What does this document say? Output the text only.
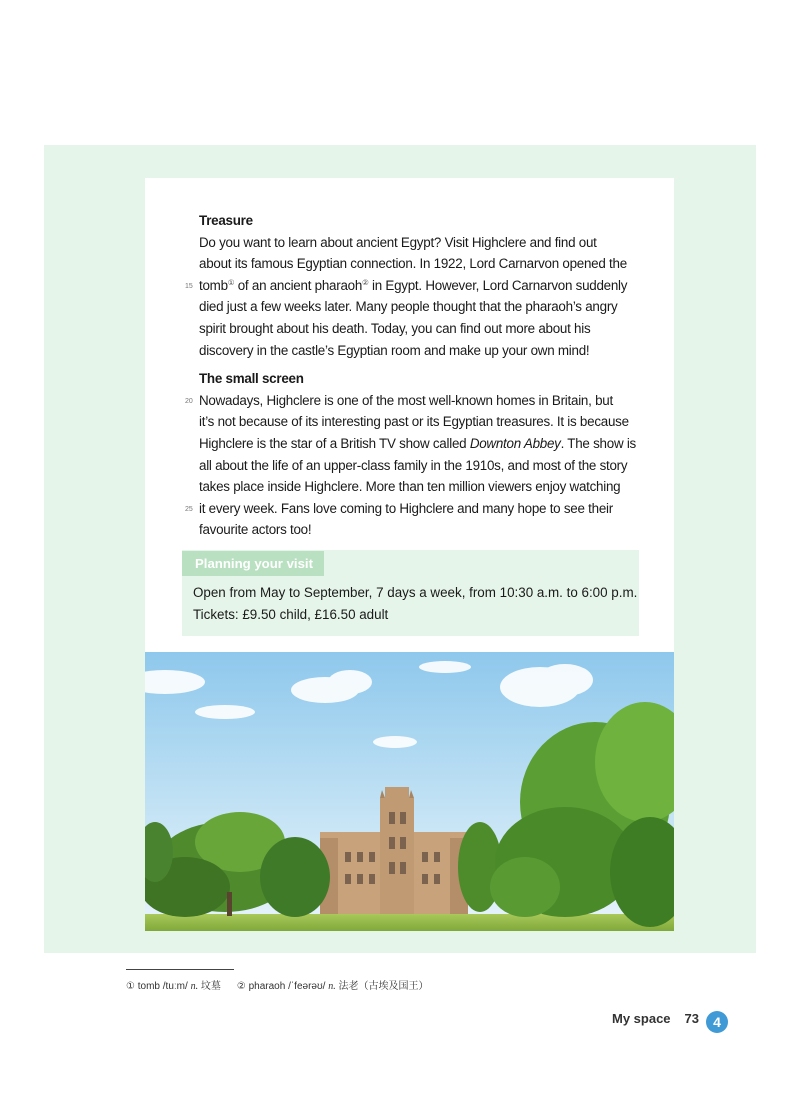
Treasure

Do you want to learn about ancient Egypt? Visit Highclere and find out
about its famous Egyptian connection. In 1922, Lord Carnarvon opened the
15 tomb① of an ancient pharaoh② in Egypt. However, Lord Carnarvon suddenly
died just a few weeks later. Many people thought that the pharaoh’s angry
spirit brought about his death. Today, you can find out more about his
discovery in the castle’s Egyptian room and make up your own mind!

The small screen

20 Nowadays, Highclere is one of the most well-known homes in Britain, but
it’s not because of its interesting past or its Egyptian treasures. It is because
Highclere is the star of a British TV show called Downton Abbey. The show is
all about the life of an upper-class family in the 1910s, and most of the story
takes place inside Highclere. More than ten million viewers enjoy watching
25 it every week. Fans love coming to Highclere and many hope to see their
favourite actors too!

Planning your visit
Open from May to September, 7 days a week, from 10:30 a.m. to 6:00 p.m.
Tickets: £9.50 child, £16.50 adult
① tomb /tuːm/ n. 坟墓 ② pharaoh /ˈfeərəʊ/ n. 法老（古埃及国王）
My space 73	4
